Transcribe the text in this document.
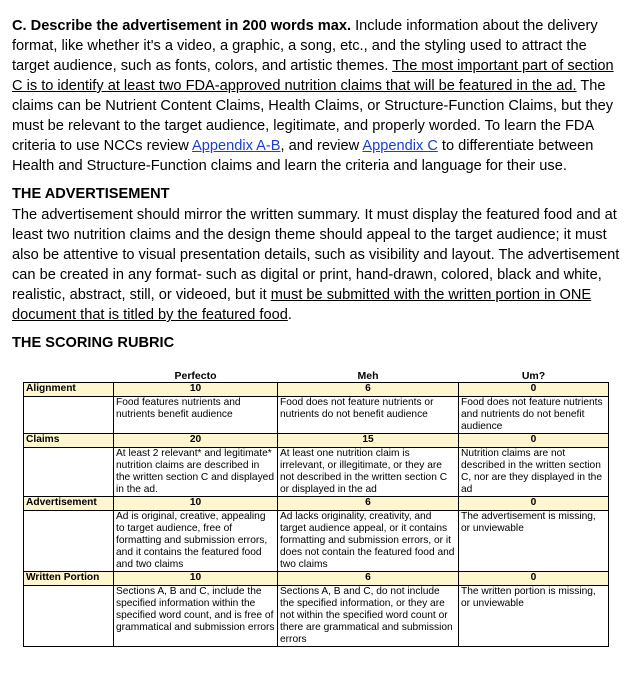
C. Describe the advertisement in 200 words max. Include information about the delivery format, like whether it's a video, a graphic, a song, etc., and the styling used to attract the target audience, such as fonts, colors, and artistic themes. The most important part of section C is to identify at least two FDA-approved nutrition claims that will be featured in the ad. The claims can be Nutrient Content Claims, Health Claims, or Structure-Function Claims, but they must be relevant to the target audience, legitimate, and properly worded. To learn the FDA criteria to use NCCs review Appendix A-B, and review Appendix C to differentiate between Health and Structure-Function claims and learn the criteria and language for their use.

THE ADVERTISEMENT

The advertisement should mirror the written summary. It must display the featured food and at least two nutrition claims and the design theme should appeal to the target audience; it must also be attentive to visual presentation details, such as visibility and layout. The advertisement can be created in any format- such as digital or print, hand-drawn, colored, black and white, realistic, abstract, still, or videoed, but it must be submitted with the written portion in ONE document that is titled by the featured food.

THE SCORING RUBRIC
	Perfecto	Meh	Um?
Alignment	10	6	0
	Food features nutrients and nutrients benefit audience	Food does not feature nutrients or nutrients do not benefit audience	Food does not feature nutrients and nutrients do not benefit audience
Claims	20	15	0
	At least 2 relevant* and legitimate* nutrition claims are described in the written section C and displayed in the ad.	At least one nutrition claim is irrelevant, or illegitimate, or they are not described in the written section C or displayed in the ad	Nutrition claims are not described in the written section C, nor are they displayed in the ad
Advertisement	10	6	0
	Ad is original, creative, appealing to target audience, free of formatting and submission errors, and it contains the featured food and two claims	Ad lacks originality, creativity, and target audience appeal, or it contains formatting and submission errors, or it does not contain the featured food and two claims	The advertisement is missing, or unviewable
Written Portion	10	6	0
	Sections A, B and C, include the specified information within the specified word count, and is free of grammatical and submission errors	Sections A, B and C, do not include the specified information, or they are not within the specified word count or there are grammatical and submission errors	The written portion is missing, or unviewable
